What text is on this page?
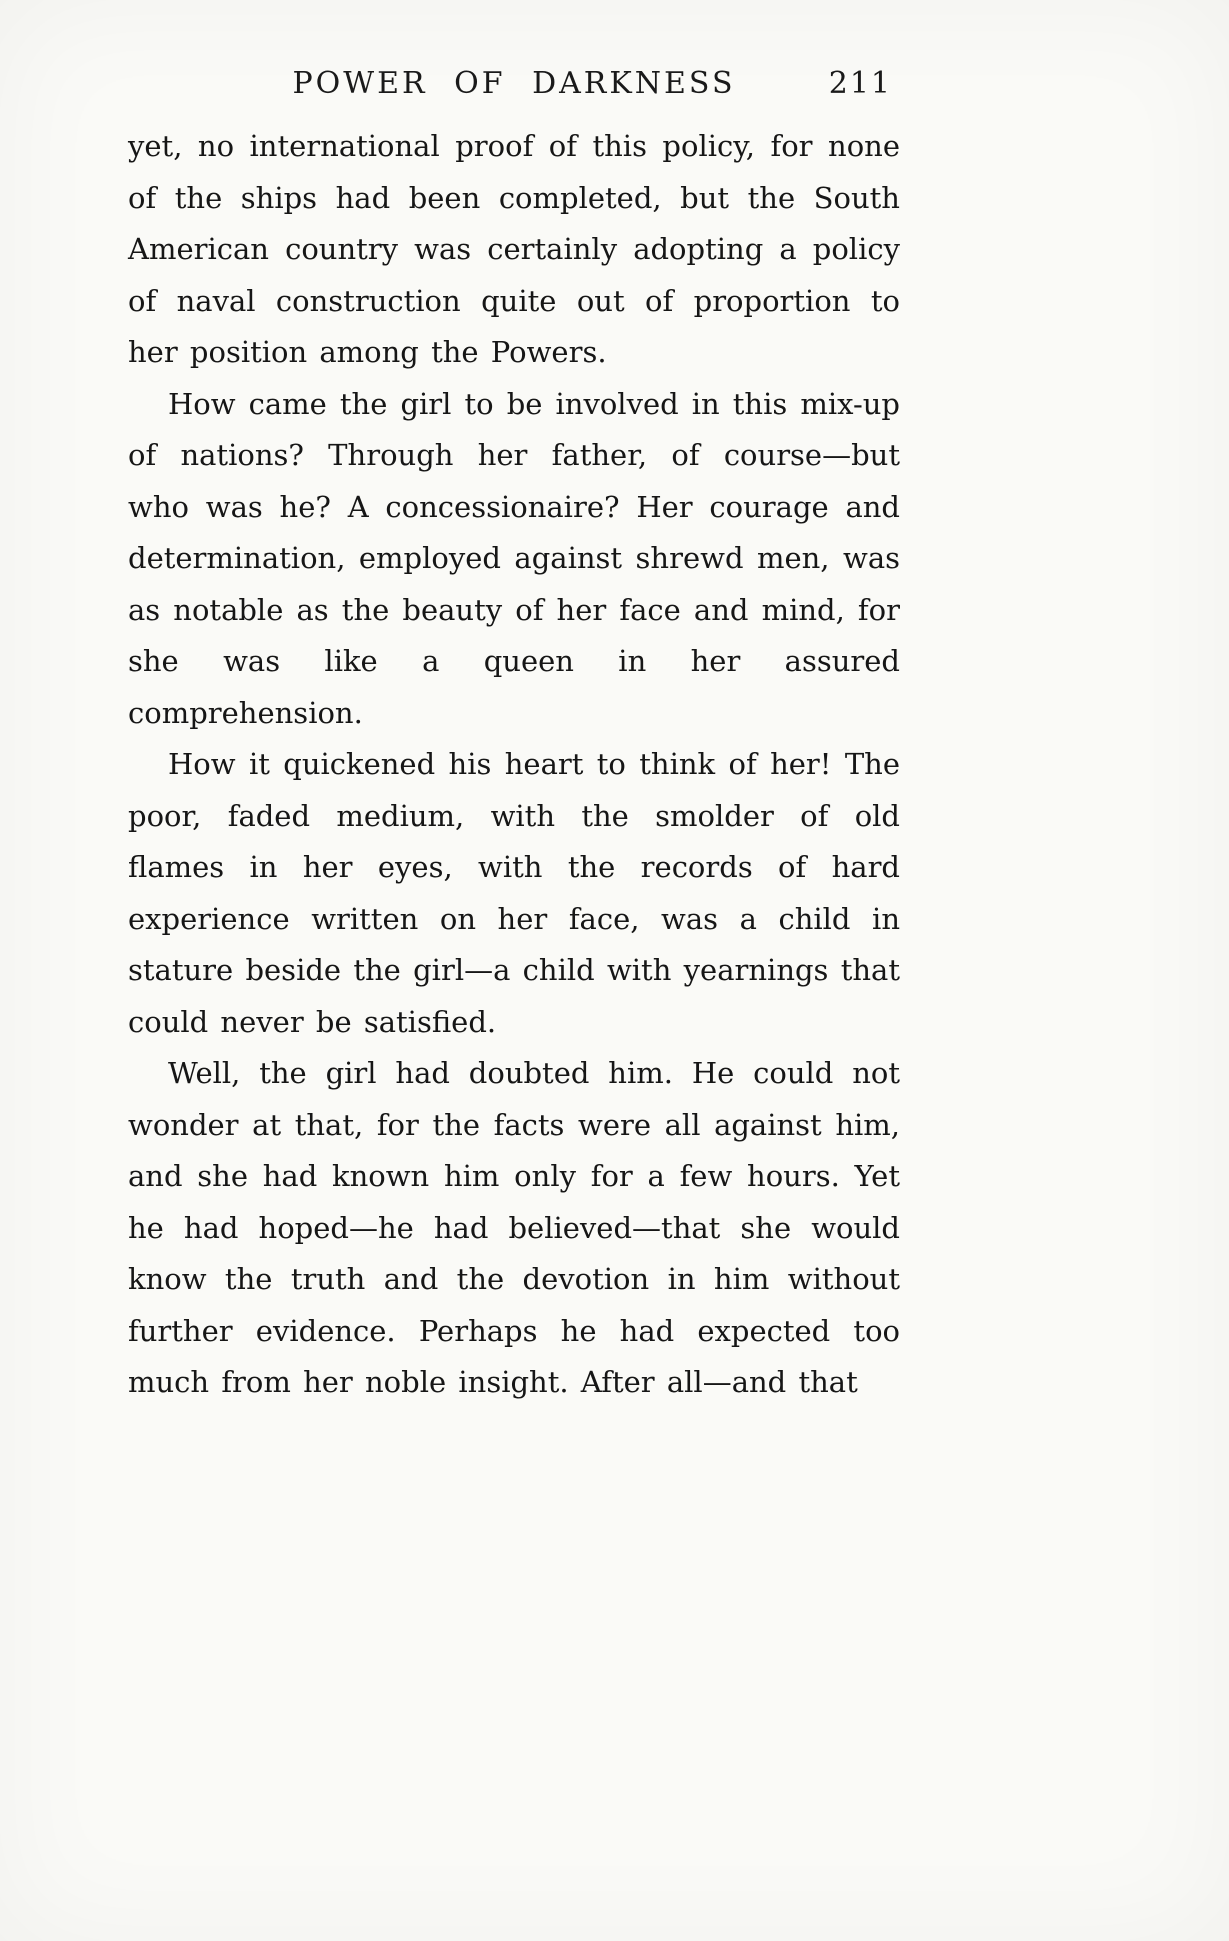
POWER OF DARKNESS	211

yet, no international proof of this policy, for none of the ships had been completed, but the South American country was certainly adopting a policy of naval construction quite out of proportion to her position among the Powers.

How came the girl to be involved in this mix-up of nations? Through her father, of course—but who was he? A concessionaire? Her courage and determination, employed against shrewd men, was as notable as the beauty of her face and mind, for she was like a queen in her assured comprehension.

How it quickened his heart to think of her! The poor, faded medium, with the smolder of old flames in her eyes, with the records of hard experience written on her face, was a child in stature beside the girl—a child with yearnings that could never be satisfied.

Well, the girl had doubted him. He could not wonder at that, for the facts were all against him, and she had known him only for a few hours. Yet he had hoped—he had believed—that she would know the truth and the devotion in him without further evidence. Perhaps he had expected too much from her noble insight. After all—and that
